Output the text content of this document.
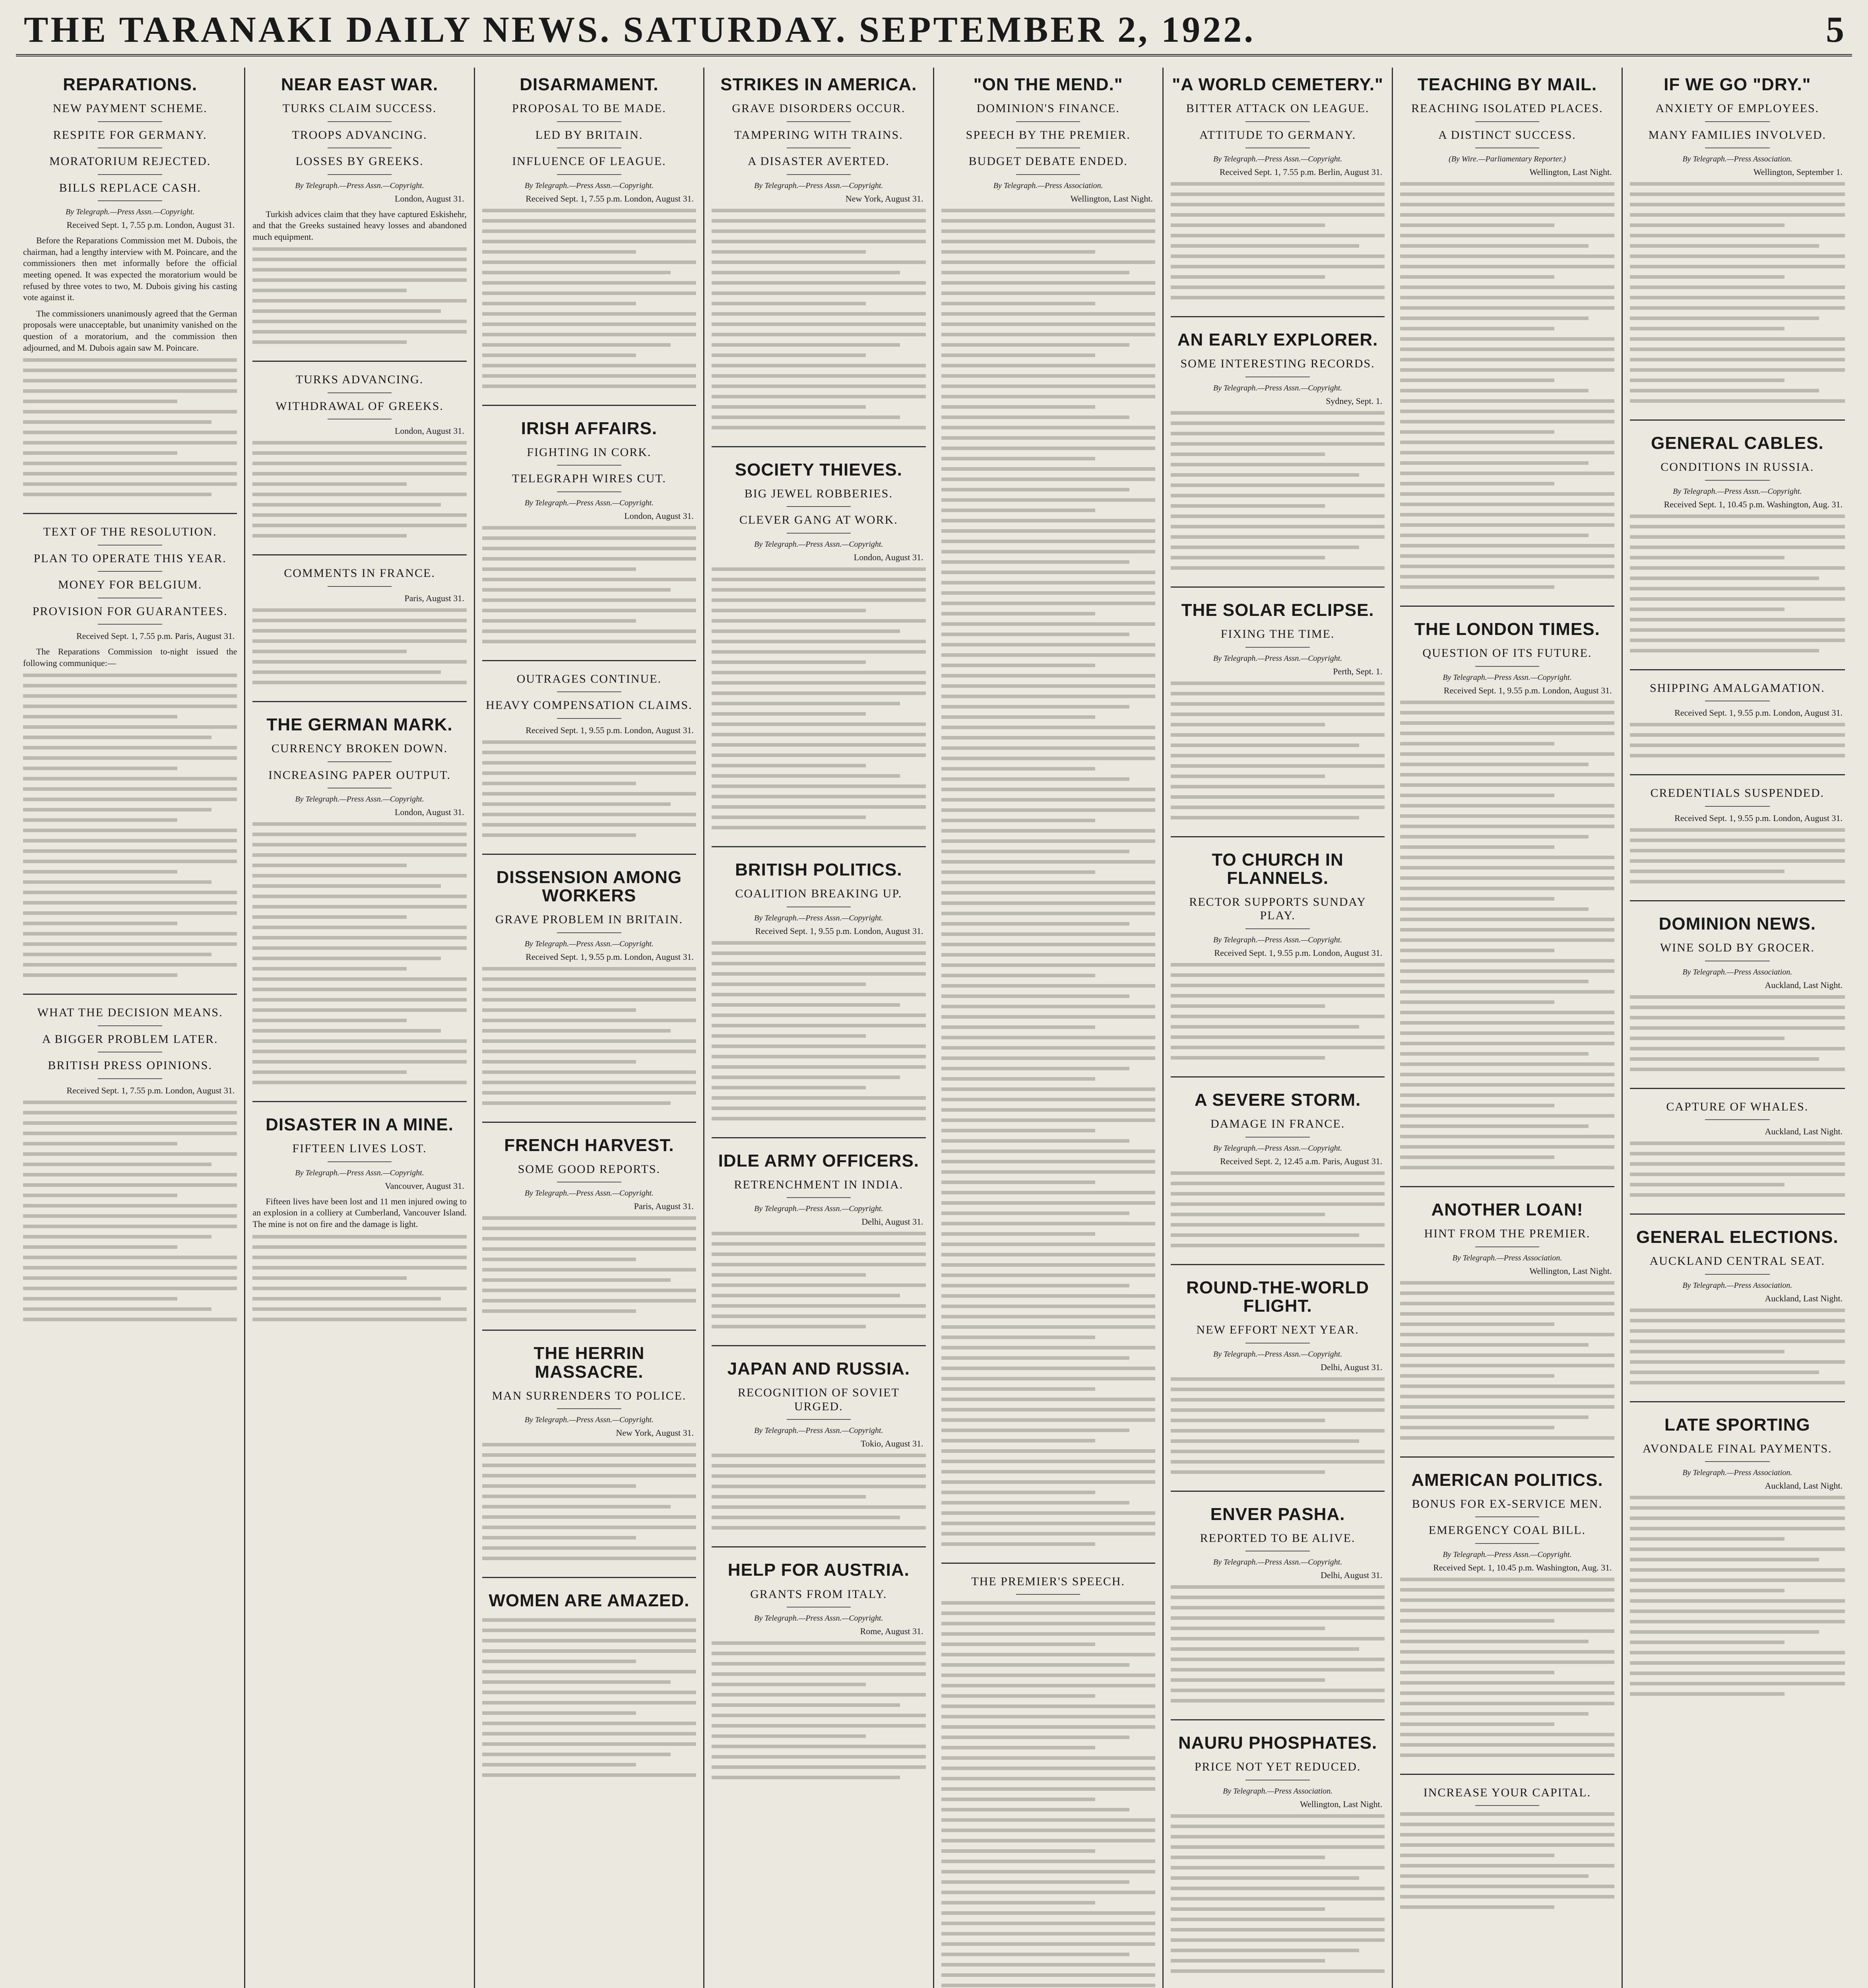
THE TARANAKI DAILY NEWS. SATURDAY. SEPTEMBER 2, 1922.	5
REPARATIONS.
NEW PAYMENT SCHEME.
RESPITE FOR GERMANY.
MORATORIUM REJECTED.
BILLS REPLACE CASH.
By Telegraph.—Press Assn.—Copyright.
Received Sept. 1, 7.55 p.m. London, August 31.

Before the Reparations Commission met M. Dubois, the chairman, had a lengthy interview with M. Poincare, and the commissioners then met informally before the official meeting opened. It was expected the moratorium would be refused by three votes to two, M. Dubois giving his casting vote against it.

The commissioners unanimously agreed that the German proposals were unacceptable, but unanimity vanished on the question of a moratorium, and the commission then adjourned, and M. Dubois again saw M. Poincare.

TEXT OF THE RESOLUTION.
PLAN TO OPERATE THIS YEAR.
MONEY FOR BELGIUM.
PROVISION FOR GUARANTEES.
Received Sept. 1, 7.55 p.m. Paris, August 31.

The Reparations Commission to-night issued the following communique:—

WHAT THE DECISION MEANS.
A BIGGER PROBLEM LATER.
BRITISH PRESS OPINIONS.
Received Sept. 1, 7.55 p.m. London, August 31.
NEAR EAST WAR.
TURKS CLAIM SUCCESS.
TROOPS ADVANCING.
LOSSES BY GREEKS.
By Telegraph.—Press Assn.—Copyright.
London, August 31.

Turkish advices claim that they have captured Eskishehr, and that the Greeks sustained heavy losses and abandoned much equipment.

TURKS ADVANCING.
WITHDRAWAL OF GREEKS.
London, August 31.
COMMENTS IN FRANCE.
Paris, August 31.
THE GERMAN MARK.
CURRENCY BROKEN DOWN.
INCREASING PAPER OUTPUT.
By Telegraph.—Press Assn.—Copyright.
London, August 31.
DISASTER IN A MINE.
FIFTEEN LIVES LOST.
By Telegraph.—Press Assn.—Copyright.
Vancouver, August 31.

Fifteen lives have been lost and 11 men injured owing to an explosion in a colliery at Cumberland, Vancouver Island. The mine is not on fire and the damage is light.

DISARMAMENT.
PROPOSAL TO BE MADE.
LED BY BRITAIN.
INFLUENCE OF LEAGUE.
By Telegraph.—Press Assn.—Copyright.
Received Sept. 1, 7.55 p.m. London, August 31.
IRISH AFFAIRS.
FIGHTING IN CORK.
TELEGRAPH WIRES CUT.
By Telegraph.—Press Assn.—Copyright.
London, August 31.
OUTRAGES CONTINUE.
HEAVY COMPENSATION CLAIMS.
Received Sept. 1, 9.55 p.m. London, August 31.
DISSENSION AMONG WORKERS
GRAVE PROBLEM IN BRITAIN.
By Telegraph.—Press Assn.—Copyright.
Received Sept. 1, 9.55 p.m. London, August 31.
FRENCH HARVEST.
SOME GOOD REPORTS.
By Telegraph.—Press Assn.—Copyright.
Paris, August 31.
THE HERRIN MASSACRE.
MAN SURRENDERS TO POLICE.
By Telegraph.—Press Assn.—Copyright.
New York, August 31.
WOMEN ARE AMAZED.
STRIKES IN AMERICA.
GRAVE DISORDERS OCCUR.
TAMPERING WITH TRAINS.
A DISASTER AVERTED.
By Telegraph.—Press Assn.—Copyright.
New York, August 31.
SOCIETY THIEVES.
BIG JEWEL ROBBERIES.
CLEVER GANG AT WORK.
By Telegraph.—Press Assn.—Copyright.
London, August 31.
BRITISH POLITICS.
COALITION BREAKING UP.
By Telegraph.—Press Assn.—Copyright.
Received Sept. 1, 9.55 p.m. London, August 31.
IDLE ARMY OFFICERS.
RETRENCHMENT IN INDIA.
By Telegraph.—Press Assn.—Copyright.
Delhi, August 31.
JAPAN AND RUSSIA.
RECOGNITION OF SOVIET URGED.
By Telegraph.—Press Assn.—Copyright.
Tokio, August 31.
HELP FOR AUSTRIA.
GRANTS FROM ITALY.
By Telegraph.—Press Assn.—Copyright.
Rome, August 31.
"ON THE MEND."
DOMINION'S FINANCE.
SPEECH BY THE PREMIER.
BUDGET DEBATE ENDED.
By Telegraph.—Press Association.
Wellington, Last Night.
THE PREMIER'S SPEECH.
"A WORLD CEMETERY."
BITTER ATTACK ON LEAGUE.
ATTITUDE TO GERMANY.
By Telegraph.—Press Assn.—Copyright.
Received Sept. 1, 7.55 p.m. Berlin, August 31.
AN EARLY EXPLORER.
SOME INTERESTING RECORDS.
By Telegraph.—Press Assn.—Copyright.
Sydney, Sept. 1.
THE SOLAR ECLIPSE.
FIXING THE TIME.
By Telegraph.—Press Assn.—Copyright.
Perth, Sept. 1.
TO CHURCH IN FLANNELS.
RECTOR SUPPORTS SUNDAY PLAY.
By Telegraph.—Press Assn.—Copyright.
Received Sept. 1, 9.55 p.m. London, August 31.
A SEVERE STORM.
DAMAGE IN FRANCE.
By Telegraph.—Press Assn.—Copyright.
Received Sept. 2, 12.45 a.m. Paris, August 31.
ROUND-THE-WORLD FLIGHT.
NEW EFFORT NEXT YEAR.
By Telegraph.—Press Assn.—Copyright.
Delhi, August 31.
ENVER PASHA.
REPORTED TO BE ALIVE.
By Telegraph.—Press Assn.—Copyright.
Delhi, August 31.
NAURU PHOSPHATES.
PRICE NOT YET REDUCED.
By Telegraph.—Press Association.
Wellington, Last Night.
TEACHING BY MAIL.
REACHING ISOLATED PLACES.
A DISTINCT SUCCESS.
(By Wire.—Parliamentary Reporter.)
Wellington, Last Night.
THE LONDON TIMES.
QUESTION OF ITS FUTURE.
By Telegraph.—Press Assn.—Copyright.
Received Sept. 1, 9.55 p.m. London, August 31.
ANOTHER LOAN!
HINT FROM THE PREMIER.
By Telegraph.—Press Association.
Wellington, Last Night.
AMERICAN POLITICS.
BONUS FOR EX-SERVICE MEN.
EMERGENCY COAL BILL.
By Telegraph.—Press Assn.—Copyright.
Received Sept. 1, 10.45 p.m. Washington, Aug. 31.
INCREASE YOUR CAPITAL.
IF WE GO "DRY."
ANXIETY OF EMPLOYEES.
MANY FAMILIES INVOLVED.
By Telegraph.—Press Association.
Wellington, September 1.
GENERAL CABLES.
CONDITIONS IN RUSSIA.
By Telegraph.—Press Assn.—Copyright.
Received Sept. 1, 10.45 p.m. Washington, Aug. 31.
SHIPPING AMALGAMATION.
Received Sept. 1, 9.55 p.m. London, August 31.
CREDENTIALS SUSPENDED.
Received Sept. 1, 9.55 p.m. London, August 31.
DOMINION NEWS.
WINE SOLD BY GROCER.
By Telegraph.—Press Association.
Auckland, Last Night.
CAPTURE OF WHALES.
Auckland, Last Night.
GENERAL ELECTIONS.
AUCKLAND CENTRAL SEAT.
By Telegraph.—Press Association.
Auckland, Last Night.
LATE SPORTING
AVONDALE FINAL PAYMENTS.
By Telegraph.—Press Association.
Auckland, Last Night.
